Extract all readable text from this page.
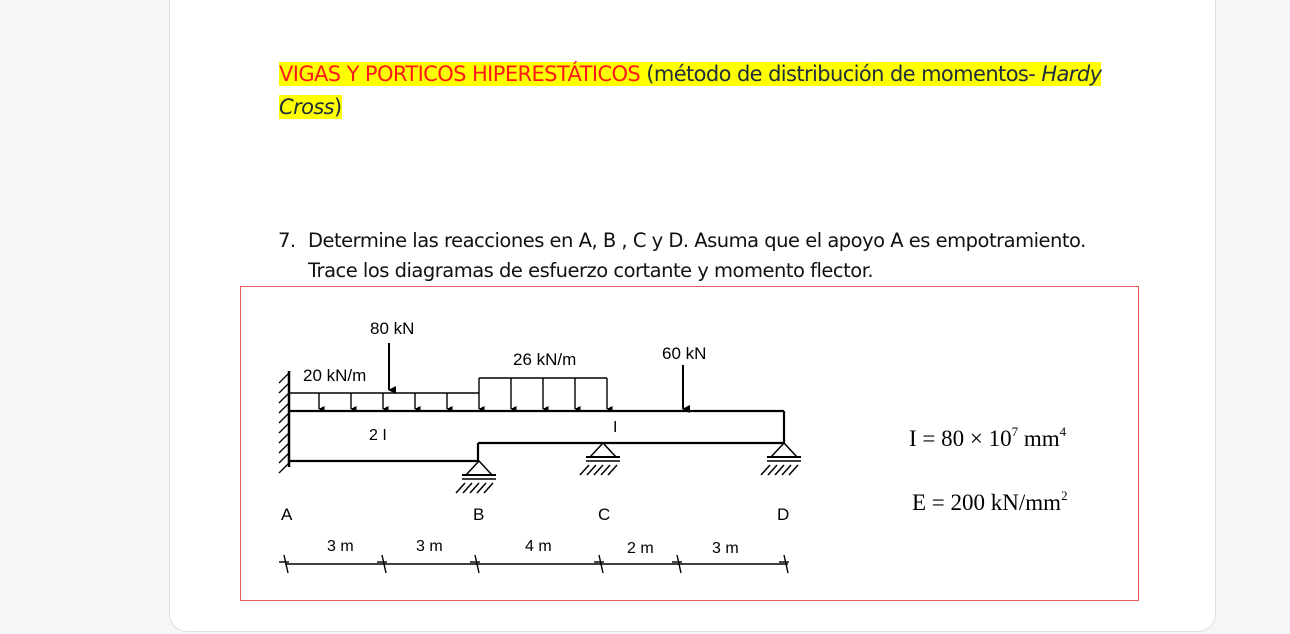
VIGAS Y PORTICOS HIPERESTÁTICOS (método de distribución de momentos- Hardy
Cross)
7. Determine las reacciones en A, B , C y D. Asuma que el apoyo A es empotramiento.
Trace los diagramas de esfuerzo cortante y momento flector.
80 kN
20 kN/m
26 kN/m	60 kN
2 I	I
A	B	C	D
3 m	3 m	4 m	2 m	3 m
$I = 80 \times 10^7$ $mm^4$
E = 200 $kN/mm^2$
